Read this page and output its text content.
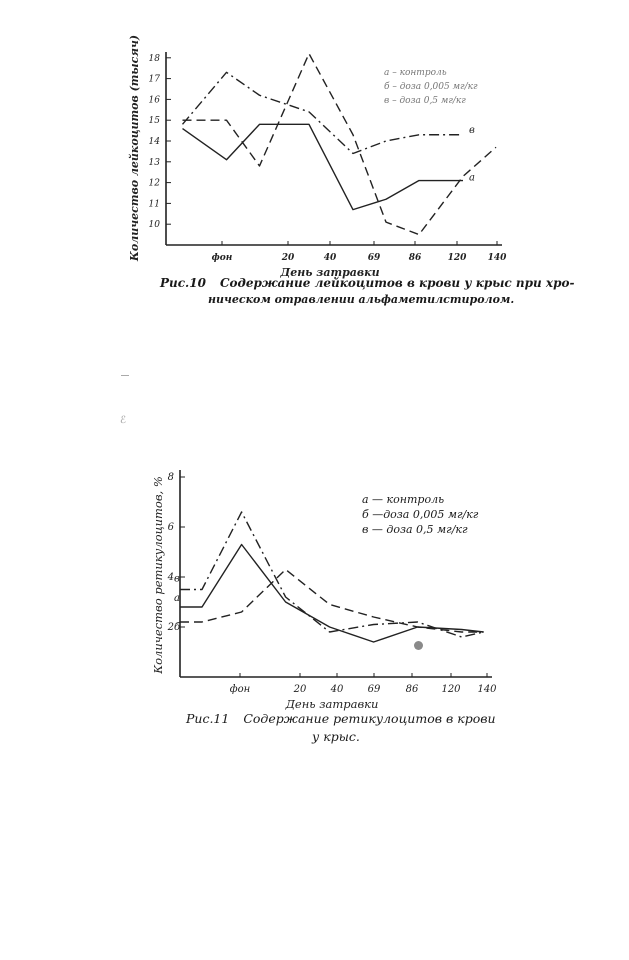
10
11
12
13
14
15
16
17
18
фон	20	40	69	86	120 140
День затравки
Количество лейкоцитов (тысяч)	а – контроль
б – доза 0,005 мг/кг
в – доза 0,5 мг/кг
а
в
Рис.10 Содержание лейкоцитов в крови у крыс при хро-
ническом отравлении альфаметилстиролом.
ℰ
2
4
6
8
фон	20 40 69	86 120 140
День затравки
Количество ретикулоцитов, %	а — контроль
б —доза 0,005 мг/кг
в — доза 0,5 мг/кг
а
б
в
Рис.11 Содержание ретикулоцитов в крови
у крыс.
